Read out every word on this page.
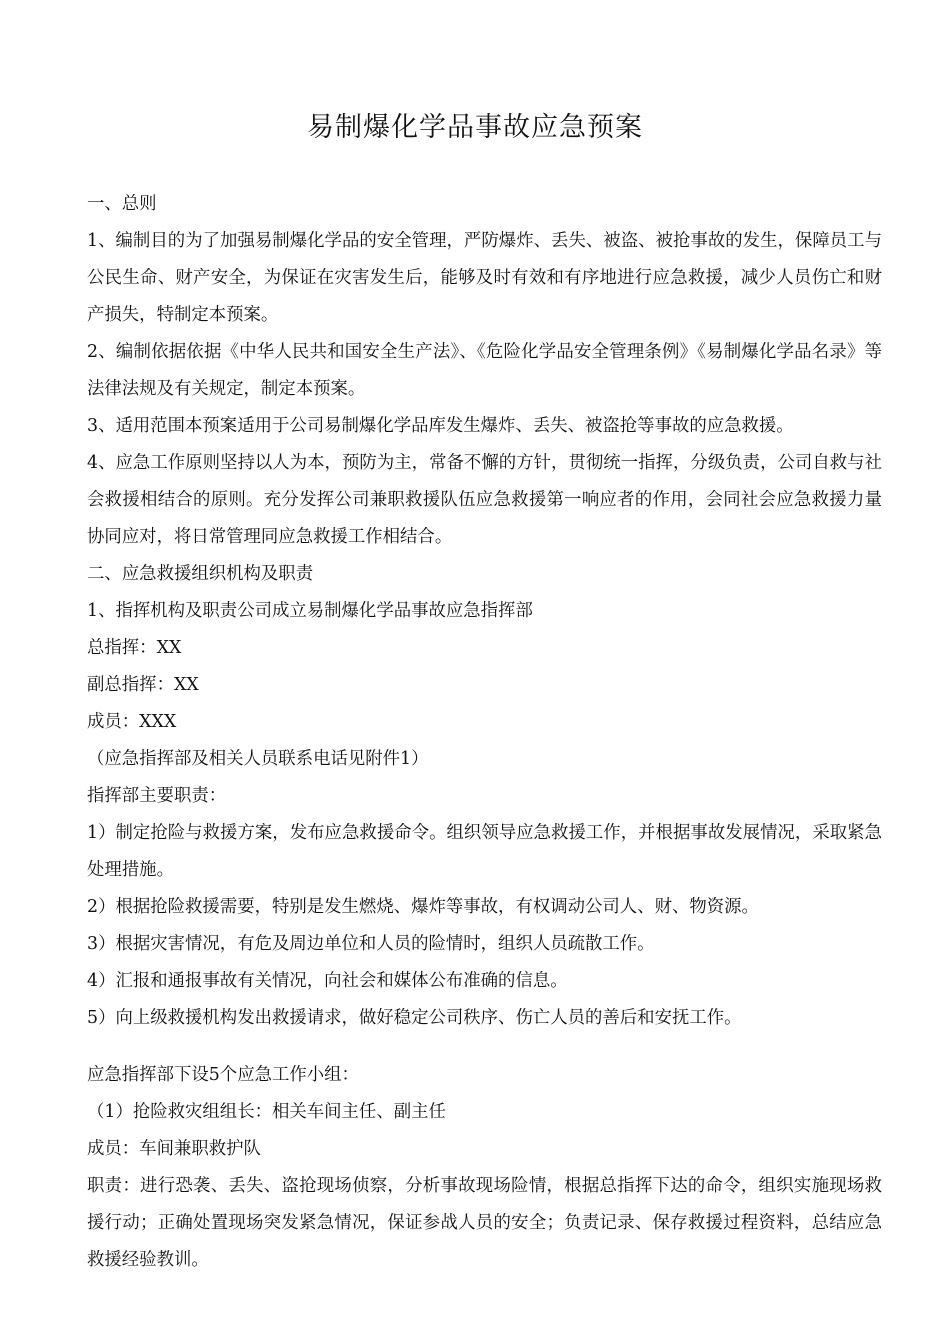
易制爆化学品事故应急预案

一、总则

1、编制目的为了加强易制爆化学品的安全管理，严防爆炸、丢失、被盗、被抢事故的发生，保障员工与公民生命、财产安全，为保证在灾害发生后，能够及时有效和有序地进行应急救援，减少人员伤亡和财产损失，特制定本预案。

2、编制依据依据《中华人民共和国安全生产法》、《危险化学品安全管理条例》《易制爆化学品名录》等法律法规及有关规定，制定本预案。

3、适用范围本预案适用于公司易制爆化学品库发生爆炸、丢失、被盗抢等事故的应急救援。

4、应急工作原则坚持以人为本，预防为主，常备不懈的方针，贯彻统一指挥，分级负责，公司自救与社会救援相结合的原则。充分发挥公司兼职救援队伍应急救援第一响应者的作用，会同社会应急救援力量协同应对，将日常管理同应急救援工作相结合。

二、应急救援组织机构及职责

1、指挥机构及职责公司成立易制爆化学品事故应急指挥部

总指挥：XX

副总指挥：XX

成员：XXX

（应急指挥部及相关人员联系电话见附件1）

指挥部主要职责：

1）制定抢险与救援方案，发布应急救援命令。组织领导应急救援工作，并根据事故发展情况，采取紧急处理措施。

2）根据抢险救援需要，特别是发生燃烧、爆炸等事故，有权调动公司人、财、物资源。

3）根据灾害情况，有危及周边单位和人员的险情时，组织人员疏散工作。

4）汇报和通报事故有关情况，向社会和媒体公布准确的信息。

5）向上级救援机构发出救援请求，做好稳定公司秩序、伤亡人员的善后和安抚工作。

应急指挥部下设5个应急工作小组：

（1）抢险救灾组组长：相关车间主任、副主任

成员：车间兼职救护队

职责：进行恐袭、丢失、盗抢现场侦察，分析事故现场险情，根据总指挥下达的命令，组织实施现场救援行动；正确处置现场突发紧急情况，保证参战人员的安全；负责记录、保存救援过程资料，总结应急救援经验教训。
